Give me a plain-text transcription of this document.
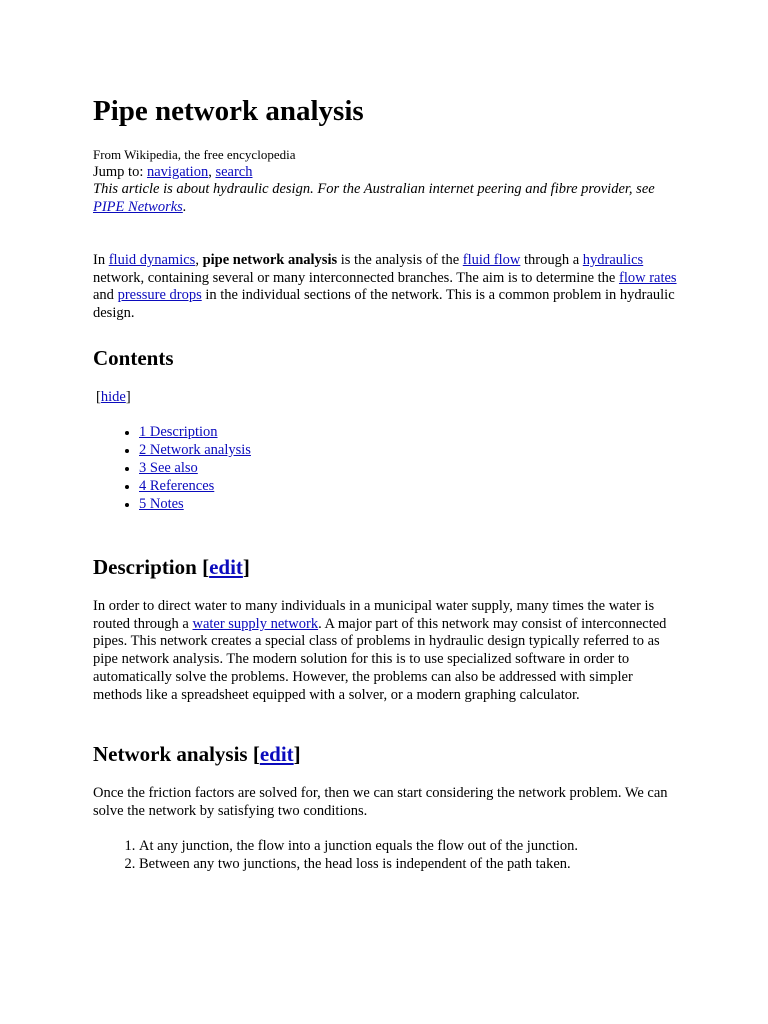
Pipe network analysis
From Wikipedia, the free encyclopedia
Jump to: navigation, search
This article is about hydraulic design. For the Australian internet peering and fibre provider, see PIPE Networks.

In fluid dynamics, pipe network analysis is the analysis of the fluid flow through a hydraulics network, containing several or many interconnected branches. The aim is to determine the flow rates and pressure drops in the individual sections of the network. This is a common problem in hydraulic design.

Contents
[hide]
• 1 Description
• 2 Network analysis
• 3 See also
• 4 References
• 5 Notes
Description [edit]

In order to direct water to many individuals in a municipal water supply, many times the water is routed through a water supply network. A major part of this network may consist of interconnected pipes. This network creates a special class of problems in hydraulic design typically referred to as pipe network analysis. The modern solution for this is to use specialized software in order to automatically solve the problems. However, the problems can also be addressed with simpler methods like a spreadsheet equipped with a solver, or a modern graphing calculator.

Network analysis [edit]

Once the friction factors are solved for, then we can start considering the network problem. We can solve the network by satisfying two conditions.

1. At any junction, the flow into a junction equals the flow out of the junction.
2. Between any two junctions, the head loss is independent of the path taken.
